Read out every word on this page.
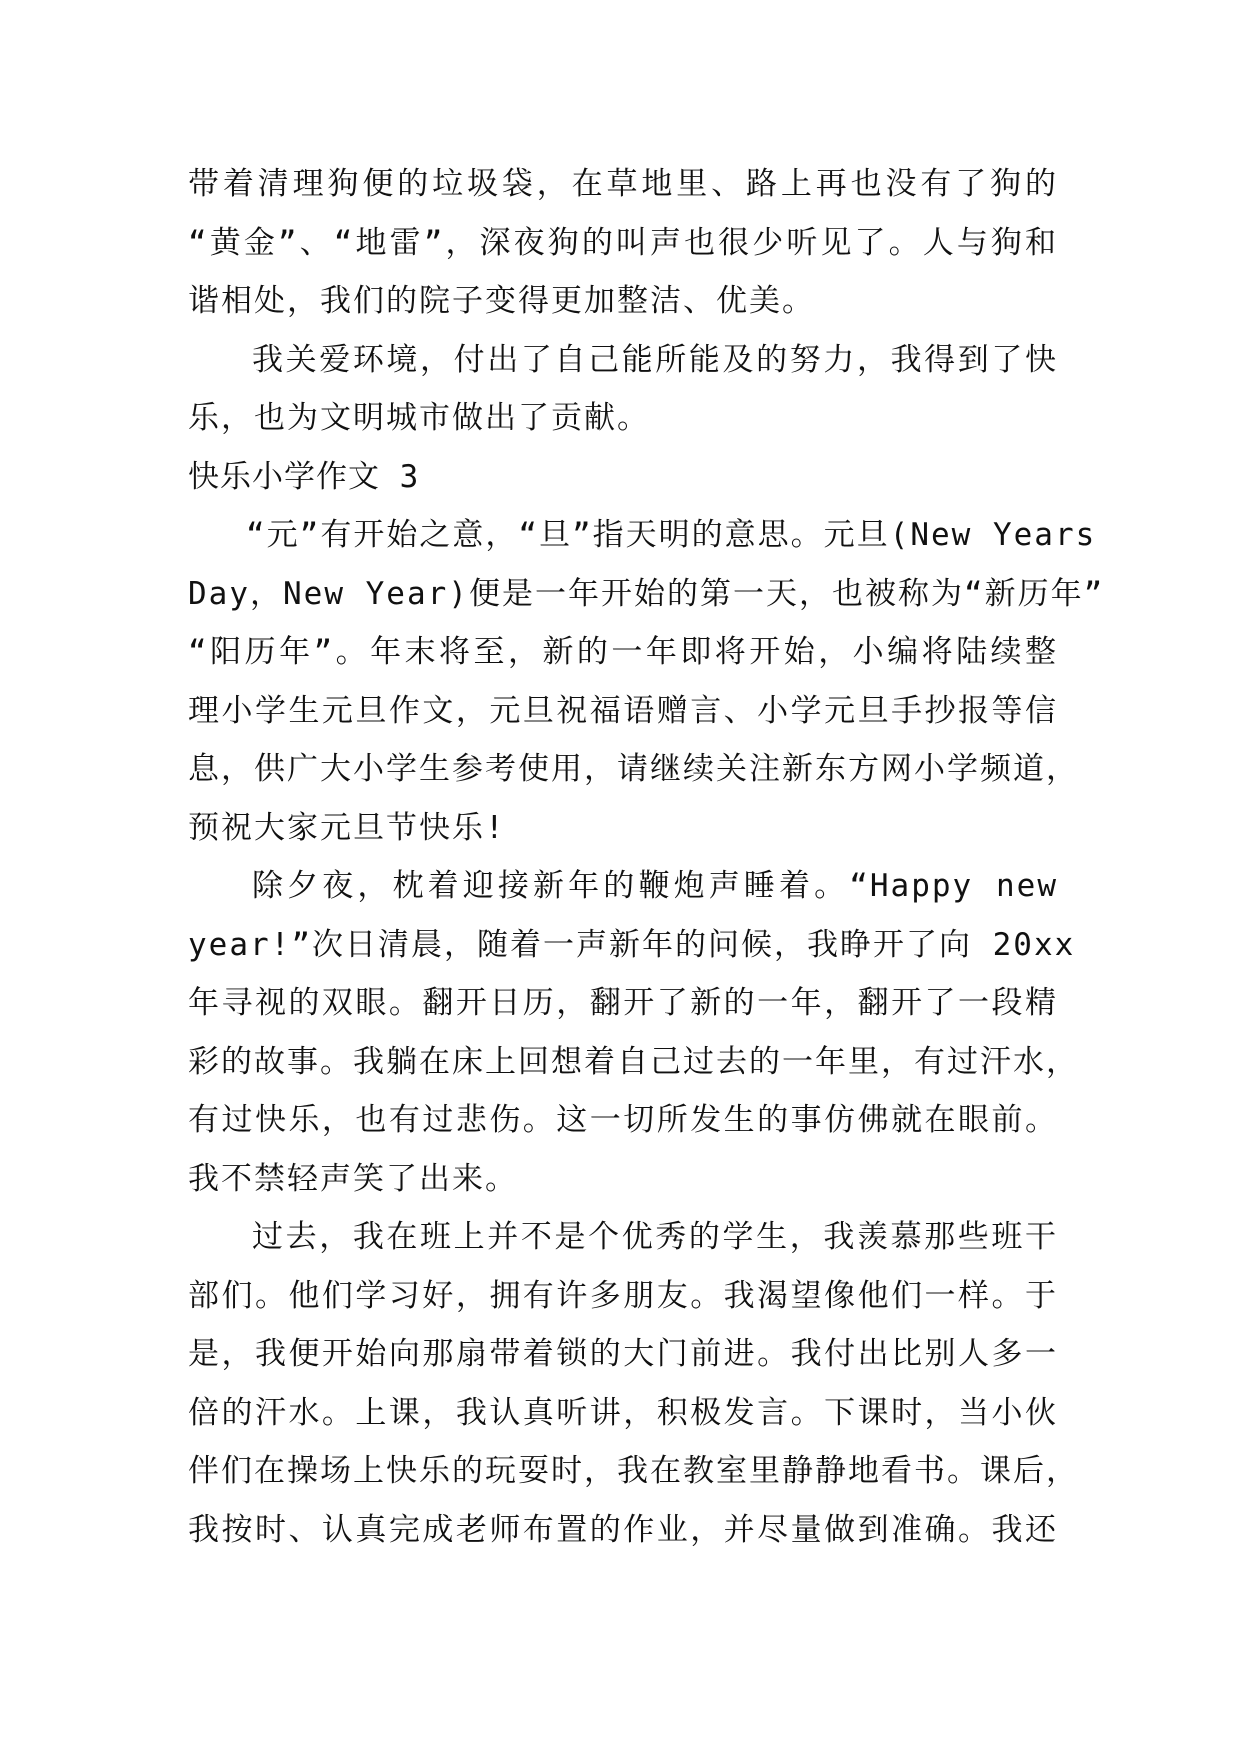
带着清理狗便的垃圾袋，在草地里、路上再也没有了狗的
“黄金”、“地雷”，深夜狗的叫声也很少听见了。人与狗和
谐相处，我们的院子变得更加整洁、优美。
我关爱环境，付出了自己能所能及的努力，我得到了快
乐，也为文明城市做出了贡献。
快乐小学作文 3
“元”有开始之意，“旦”指天明的意思。元旦(New Years
Day，New Year)便是一年开始的第一天，也被称为“新历年”
“阳历年”。年末将至，新的一年即将开始，小编将陆续整
理小学生元旦作文，元旦祝福语赠言、小学元旦手抄报等信
息，供广大小学生参考使用，请继续关注新东方网小学频道，
预祝大家元旦节快乐!
除夕夜，枕着迎接新年的鞭炮声睡着。“Happy new
year!”次日清晨，随着一声新年的问候，我睁开了向 20xx
年寻视的双眼。翻开日历，翻开了新的一年，翻开了一段精
彩的故事。我躺在床上回想着自己过去的一年里，有过汗水，
有过快乐，也有过悲伤。这一切所发生的事仿佛就在眼前。
我不禁轻声笑了出来。
过去，我在班上并不是个优秀的学生，我羡慕那些班干
部们。他们学习好，拥有许多朋友。我渴望像他们一样。于
是，我便开始向那扇带着锁的大门前进。我付出比别人多一
倍的汗水。上课，我认真听讲，积极发言。下课时，当小伙
伴们在操场上快乐的玩耍时，我在教室里静静地看书。课后，
我按时、认真完成老师布置的作业，并尽量做到准确。我还
